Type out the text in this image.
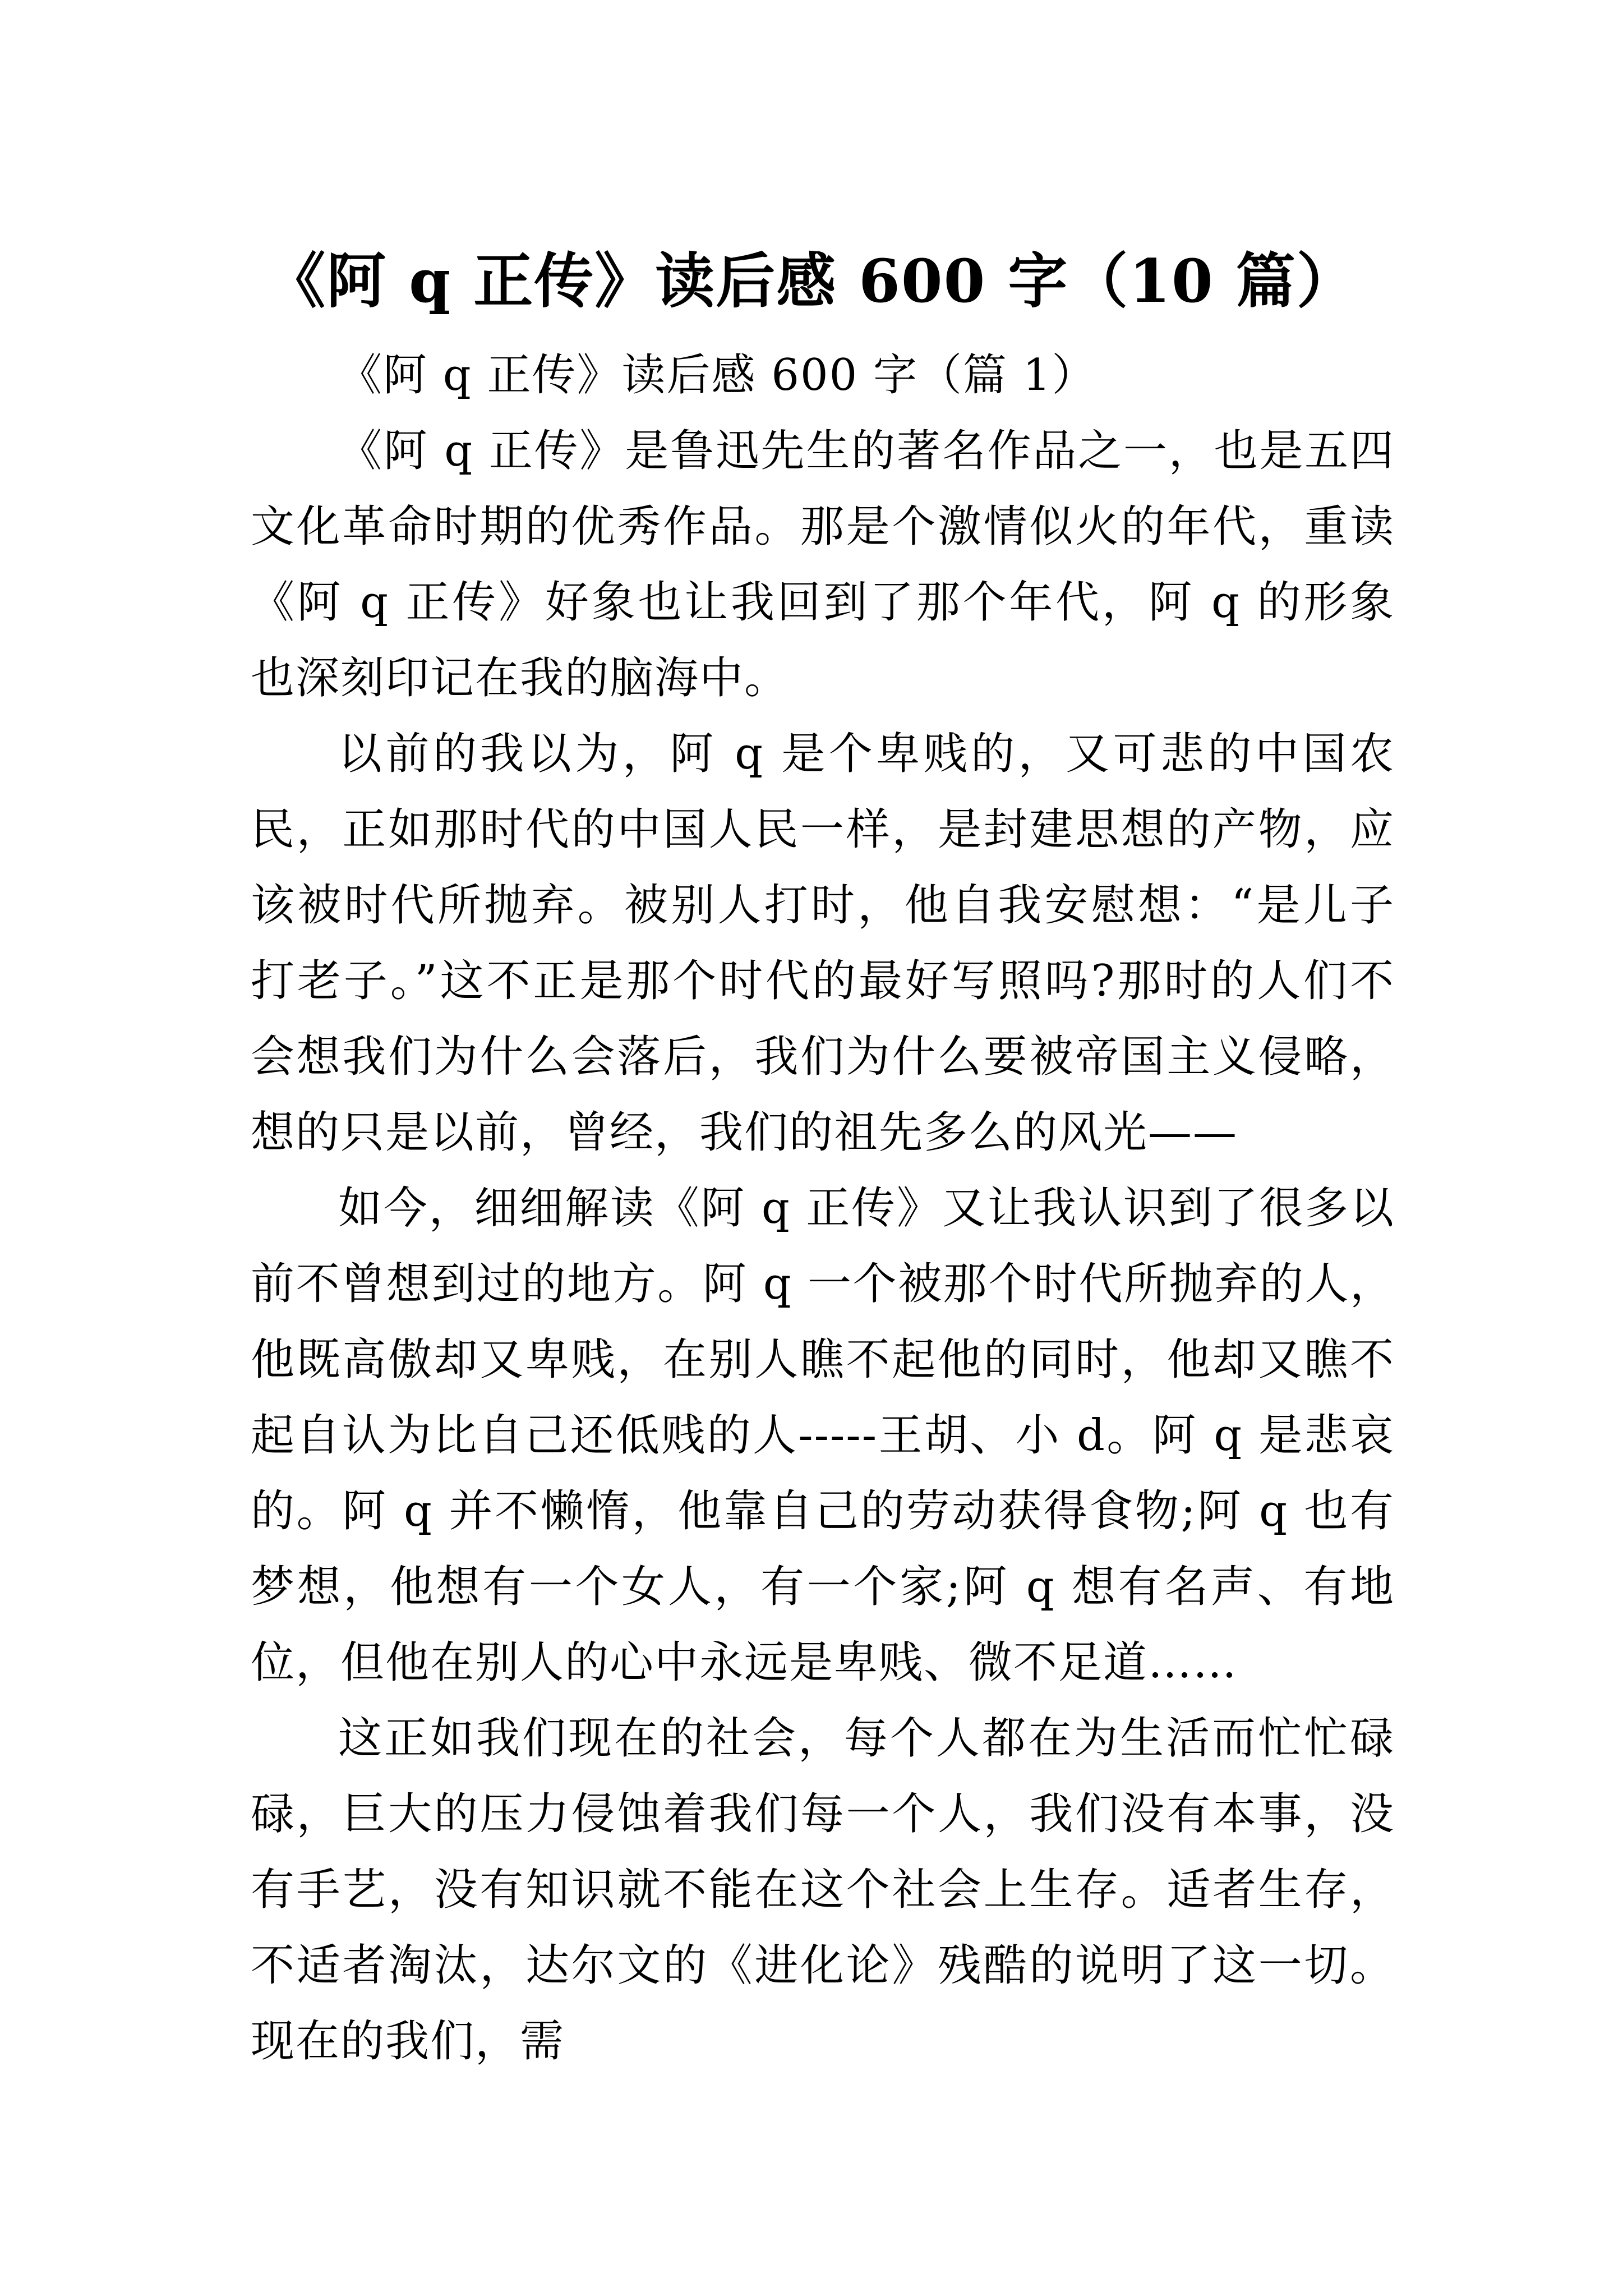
《阿 q 正传》读后感 600 字（10 篇）

《阿 q 正传》读后感 600 字（篇 1）

《阿 q 正传》是鲁迅先生的著名作品之一，也是五四文化革命时期的优秀作品。那是个激情似火的年代，重读《阿 q 正传》好象也让我回到了那个年代，阿 q 的形象也深刻印记在我的脑海中。

以前的我以为，阿 q 是个卑贱的，又可悲的中国农民，正如那时代的中国人民一样，是封建思想的产物，应该被时代所抛弃。被别人打时，他自我安慰想：“是儿子打老子。”这不正是那个时代的最好写照吗?那时的人们不会想我们为什么会落后，我们为什么要被帝国主义侵略，想的只是以前，曾经，我们的祖先多么的风光——

如今，细细解读《阿 q 正传》又让我认识到了很多以前不曾想到过的地方。阿 q 一个被那个时代所抛弃的人，他既高傲却又卑贱，在别人瞧不起他的同时，他却又瞧不起自认为比自己还低贱的人-----王胡、小 d。阿 q 是悲哀的。阿 q 并不懒惰，他靠自己的劳动获得食物;阿 q 也有梦想，他想有一个女人，有一个家;阿 q 想有名声、有地位，但他在别人的心中永远是卑贱、微不足道……

这正如我们现在的社会，每个人都在为生活而忙忙碌碌，巨大的压力侵蚀着我们每一个人，我们没有本事，没有手艺，没有知识就不能在这个社会上生存。适者生存，不适者淘汰，达尔文的《进化论》残酷的说明了这一切。现在的我们，需
